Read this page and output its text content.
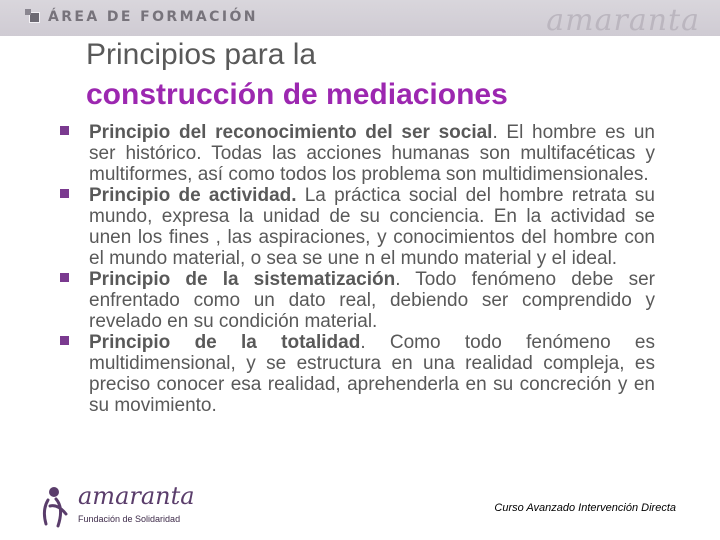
ÁREA DE FORMACIÓN	amaranta
Principios para la
construcción de mediaciones
Principio del reconocimiento del ser social. El hombre es un ser histórico. Todas las acciones humanas son multifacéticas y multiformes, así como todos los problema son multidimensionales.
Principio de actividad. La práctica social del hombre retrata su mundo, expresa la unidad de su conciencia. En la actividad se unen los fines , las aspiraciones, y conocimientos del hombre con el mundo material, o sea se une n el mundo material y el ideal.
Principio de la sistematización. Todo fenómeno debe ser enfrentado como un dato real, debiendo ser comprendido y revelado en su condición material.
Principio de la totalidad. Como todo fenómeno es multidimensional, y se estructura en una realidad compleja, es preciso conocer esa realidad, aprehenderla en su concreción y en su movimiento.
amaranta
Fundación de Solidaridad
Curso Avanzado Intervención Directa
